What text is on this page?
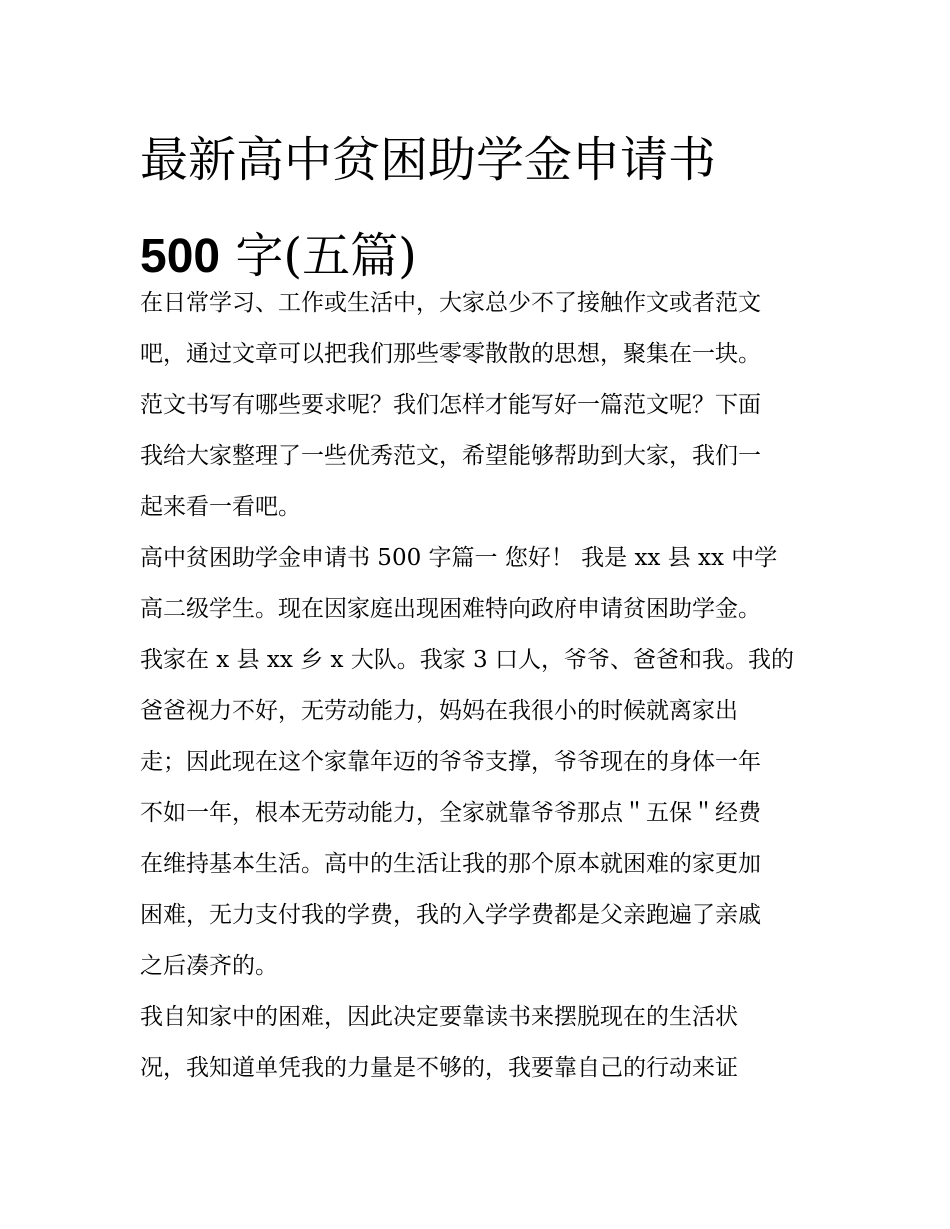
最新高中贫困助学金申请书
500 字(五篇)
在日常学习、工作或生活中，大家总少不了接触作文或者范文
吧，通过文章可以把我们那些零零散散的思想，聚集在一块。
范文书写有哪些要求呢？我们怎样才能写好一篇范文呢？下面
我给大家整理了一些优秀范文，希望能够帮助到大家，我们一
起来看一看吧。
高中贫困助学金申请书 500 字篇一 您好！ 我是 xx 县 xx 中学
高二级学生。现在因家庭出现困难特向政府申请贫困助学金。
我家在 x 县 xx 乡 x 大队。我家 3 口人，爷爷、爸爸和我。我的
爸爸视力不好，无劳动能力，妈妈在我很小的时候就离家出
走；因此现在这个家靠年迈的爷爷支撑，爷爷现在的身体一年
不如一年，根本无劳动能力，全家就靠爷爷那点＂五保＂经费
在维持基本生活。高中的生活让我的那个原本就困难的家更加
困难，无力支付我的学费，我的入学学费都是父亲跑遍了亲戚
之后凑齐的。
我自知家中的困难，因此决定要靠读书来摆脱现在的生活状
况，我知道单凭我的力量是不够的，我要靠自己的行动来证
